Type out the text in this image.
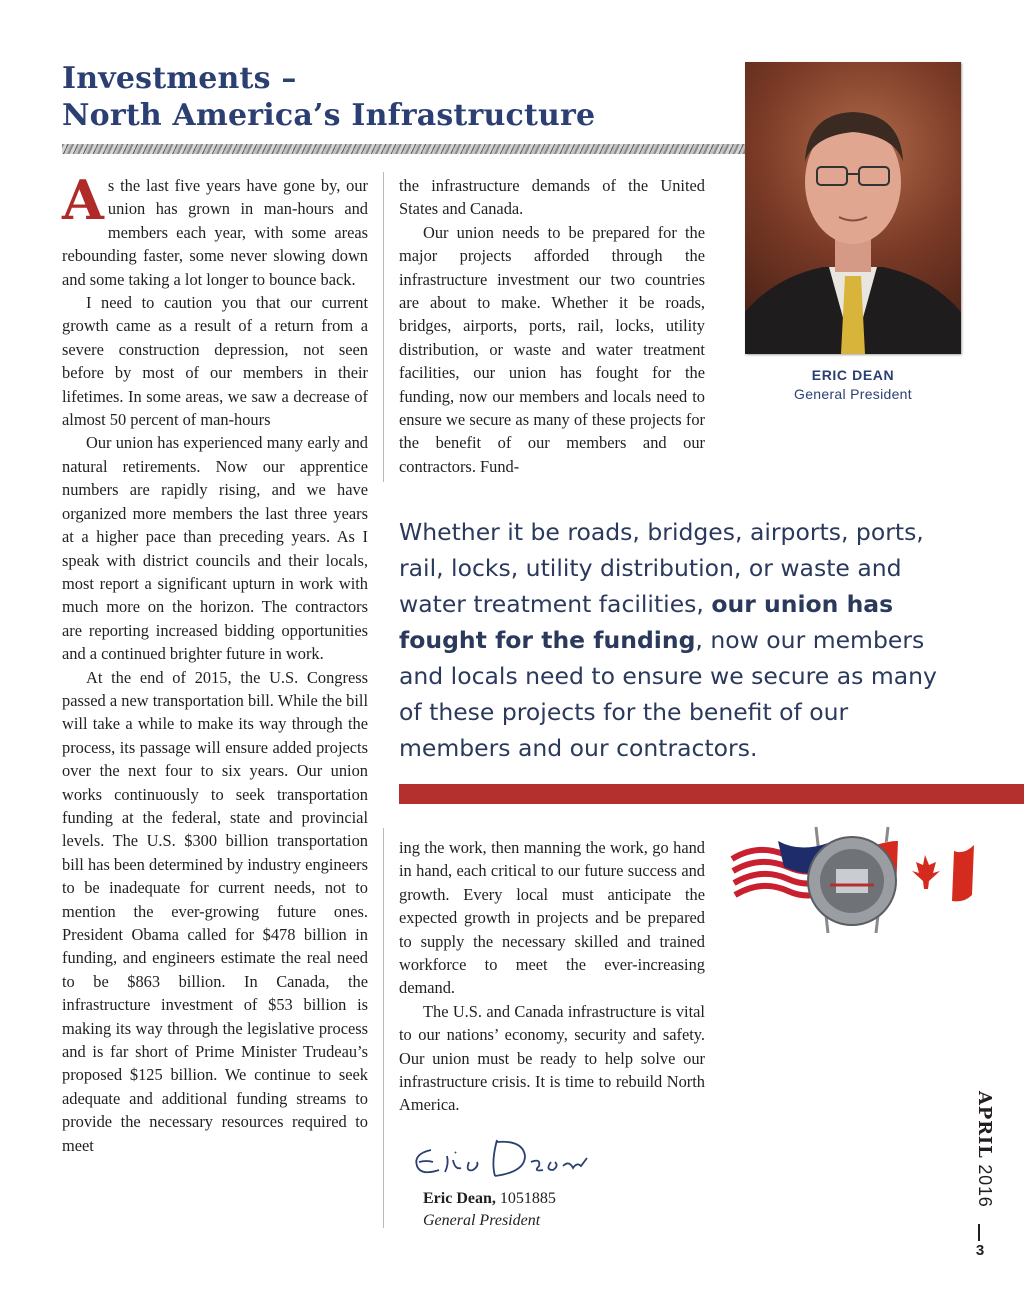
Investments –
North America’s Infrastructure

As the last five years have gone by, our union has grown in man-hours and members each year, with some areas rebounding faster, some never slowing down and some taking a lot longer to bounce back.

I need to caution you that our current growth came as a result of a return from a severe construction depression, not seen before by most of our members in their lifetimes. In some areas, we saw a decrease of almost 50 percent of man-hours

Our union has experienced many early and natural retirements. Now our apprentice numbers are rapidly rising, and we have organized more members the last three years at a higher pace than preceding years. As I speak with district councils and their locals, most report a significant upturn in work with much more on the horizon. The contractors are reporting increased bidding opportunities and a continued brighter future in work.

At the end of 2015, the U.S. Congress passed a new transportation bill. While the bill will take a while to make its way through the process, its passage will ensure added projects over the next four to six years. Our union works continuously to seek transportation funding at the federal, state and provincial levels. The U.S. $300 billion transportation bill has been determined by industry engineers to be inadequate for current needs, not to mention the ever-growing future ones. President Obama called for $478 billion in funding, and engineers estimate the real need to be $863 billion. In Canada, the infrastructure investment of $53 billion is making its way through the legislative process and is far short of Prime Minister Trudeau’s proposed $125 billion. We continue to seek adequate and additional funding streams to provide the necessary resources required to meet

the infrastructure demands of the United States and Canada.

Our union needs to be prepared for the major projects afforded through the infrastructure investment our two countries are about to make. Whether it be roads, bridges, airports, ports, rail, locks, utility distribution, or waste and water treatment facilities, our union has fought for the funding, now our members and locals need to ensure we secure as many of these projects for the benefit of our members and our contractors. Fund-

ERIC DEAN
General President

Whether it be roads, bridges, airports, ports, rail, locks, utility distribution, or waste and water treatment facilities, our union has fought for the funding, now our members and locals need to ensure we secure as many of these projects for the benefit of our members and our contractors.

ing the work, then manning the work, go hand in hand, each critical to our future success and growth. Every local must anticipate the expected growth in projects and be prepared to supply the necessary skilled and trained workforce to meet the ever-increasing demand.

The U.S. and Canada infrastructure is vital to our nations’ economy, security and safety. Our union must be ready to help solve our infrastructure crisis. It is time to rebuild North America.

Eric Dean, 1051885
General President
APRIL 2016
3
